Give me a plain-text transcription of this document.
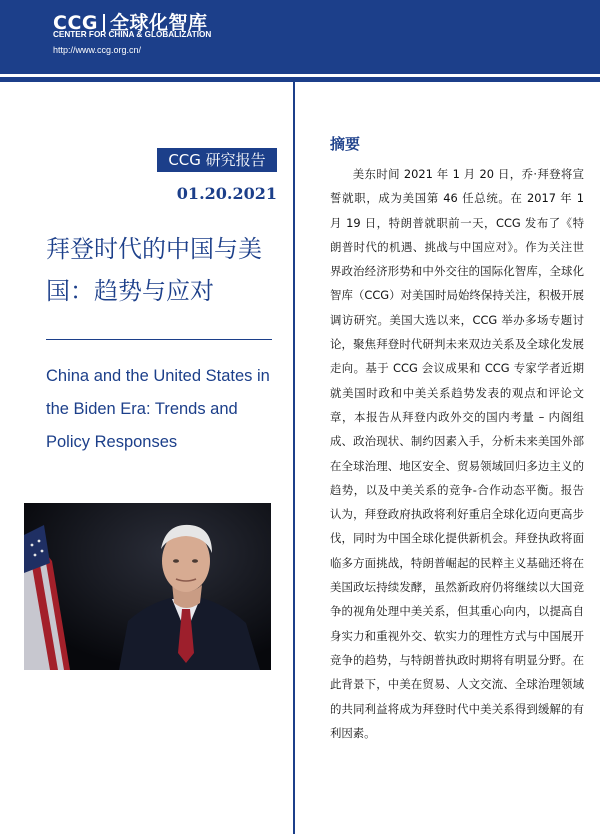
CCG 全球化智库
CENTER FOR CHINA & GLOBALIZATION
http://www.ccg.org.cn/
CCG 研究报告
01.20.2021
拜登时代的中国与美国：趋势与应对
China and the United States in the Biden Era: Trends and Policy Responses
摘要

美东时间 2021 年 1 月 20 日，乔·拜登将宣誓就职，成为美国第 46 任总统。在 2017 年 1 月 19 日，特朗普就职前一天，CCG 发布了《特朗普时代的机遇、挑战与中国应对》。作为关注世界政治经济形势和中外交往的国际化智库，全球化智库（CCG）对美国时局始终保持关注，积极开展调访研究。美国大选以来，CCG 举办多场专题讨论，聚焦拜登时代研判未来双边关系及全球化发展走向。基于 CCG 会议成果和 CCG 专家学者近期就美国时政和中美关系趋势发表的观点和评论文章，本报告从拜登内政外交的国内考量 – 内阁组成、政治现状、制约因素入手，分析未来美国外部在全球治理、地区安全、贸易领域回归多边主义的趋势，以及中美关系的竞争-合作动态平衡。报告认为，拜登政府执政将利好重启全球化迈向更高步伐，同时为中国全球化提供新机会。拜登执政将面临多方面挑战，特朗普崛起的民粹主义基础还将在美国政坛持续发酵，虽然新政府仍将继续以大国竞争的视角处理中美关系，但其重心向内，以提高自身实力和重视外交、软实力的理性方式与中国展开竞争的趋势，与特朗普执政时期将有明显分野。在此背景下，中美在贸易、人文交流、全球治理领域的共同利益将成为拜登时代中美关系得到缓解的有利因素。
